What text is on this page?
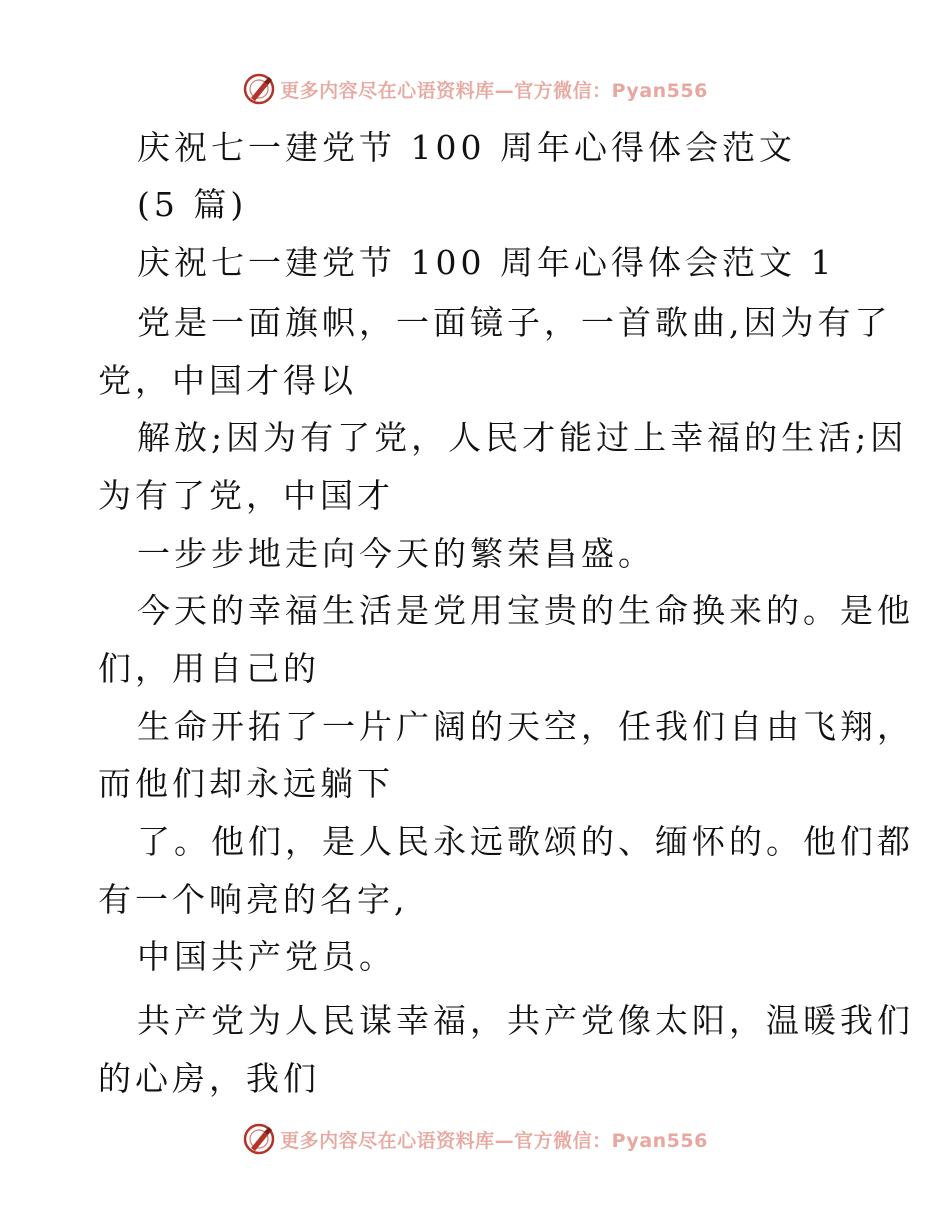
更多内容尽在心语资料库—官方微信：Pyan556
庆祝七一建党节 100 周年心得体会范文
(5 篇)
庆祝七一建党节 100 周年心得体会范文 1
党是一面旗帜，一面镜子，一首歌曲,因为有了
党，中国才得以
解放;因为有了党，人民才能过上幸福的生活;因
为有了党，中国才
一步步地走向今天的繁荣昌盛。
今天的幸福生活是党用宝贵的生命换来的。是他
们，用自己的
生命开拓了一片广阔的天空，任我们自由飞翔，
而他们却永远躺下
了。他们，是人民永远歌颂的、缅怀的。他们都
有一个响亮的名字,
中国共产党员。
共产党为人民谋幸福，共产党像太阳，温暖我们
的心房，我们
更多内容尽在心语资料库—官方微信：Pyan556
